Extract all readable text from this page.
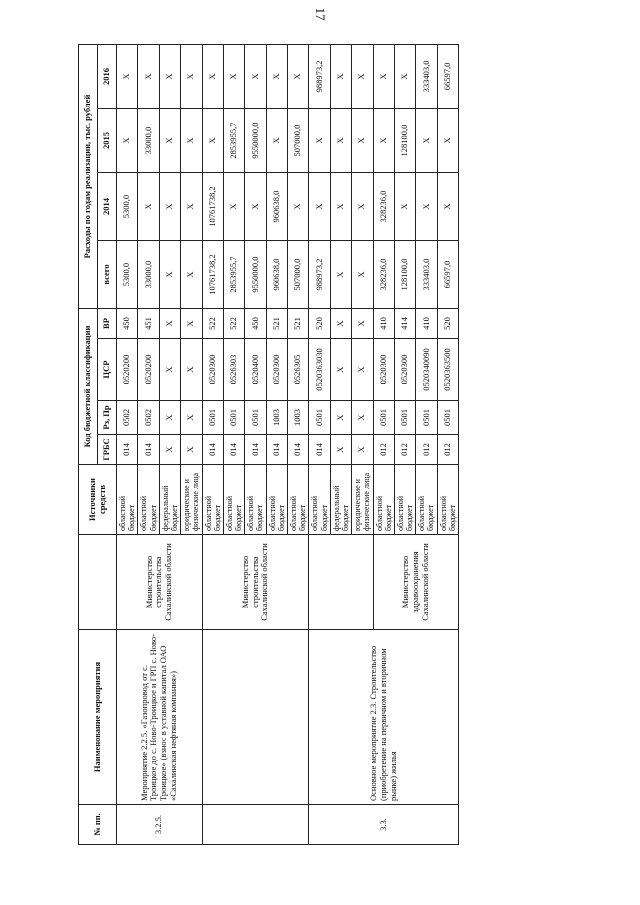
17
№ пп.	Наименование мероприятия		Источники средств	Код бюджетной классификации				Расходы по годам реализации, тыс. рублей			
				ГРБС	Рз, Пр	ЦСР	ВР	всего	2014	2015	2016
3.2.5.	Мероприятие 2.2.5. «Газопровод от с. Троицкое до с. Ново-Троицкое и ГРП с. Ново-Троицкое» (взнос в уставной капитал ОАО «Сахалинская нефтяная компания»)	Министерство строительства Сахалинской области	областной бюджет	014	0502	0520200	450	5300,0	5300,0	X	X
			областной бюджет	014	0502	0520200	451	33000,0	X	33000,0	X
			федеральный бюджет	X	X	X	X	X	X	X	X
			юридические и физические лица	X	X	X	X	X	X	X	X
		Министерство строительства Сахалинской области	областной бюджет	014	0501	0520300	522	10761738,2	10761738,2	X	X
			областной бюджет	014	0501	0526303	522	2853955,7	X	2853955,7	X
			областной бюджет	014	0501	0520400	450	9550000,0	X	9550000,0	X
			областной бюджет	014	1003	0520300	521	960638,0	960638,0	X	X
			областной бюджет	014	1003	0526305	521	507000,0	X	507000,0	X
3.3.	Основное мероприятие 2.3. Строительство (приобретение на первичном и вторичном рынке) жилья		областной бюджет	014	0501	0520363030	520	988973,2	X	X	988973,2
			федеральный бюджет	X	X	X	X	X	X	X	X
			юридические и физические лица	X	X	X	X	X	X	X	X
		Министерство здравоохранения Сахалинской области	областной бюджет	012	0501	0520300	410	328236,0	328236,0	X	X
			областной бюджет	012	0501	0520300	414	128100,0	X	128100,0	X
			областной бюджет	012	0501	0520340090	410	333403,0	X	X	333403,0
			областной бюджет	012	0501	0520363500	520	66597,0	X	X	66597,0
